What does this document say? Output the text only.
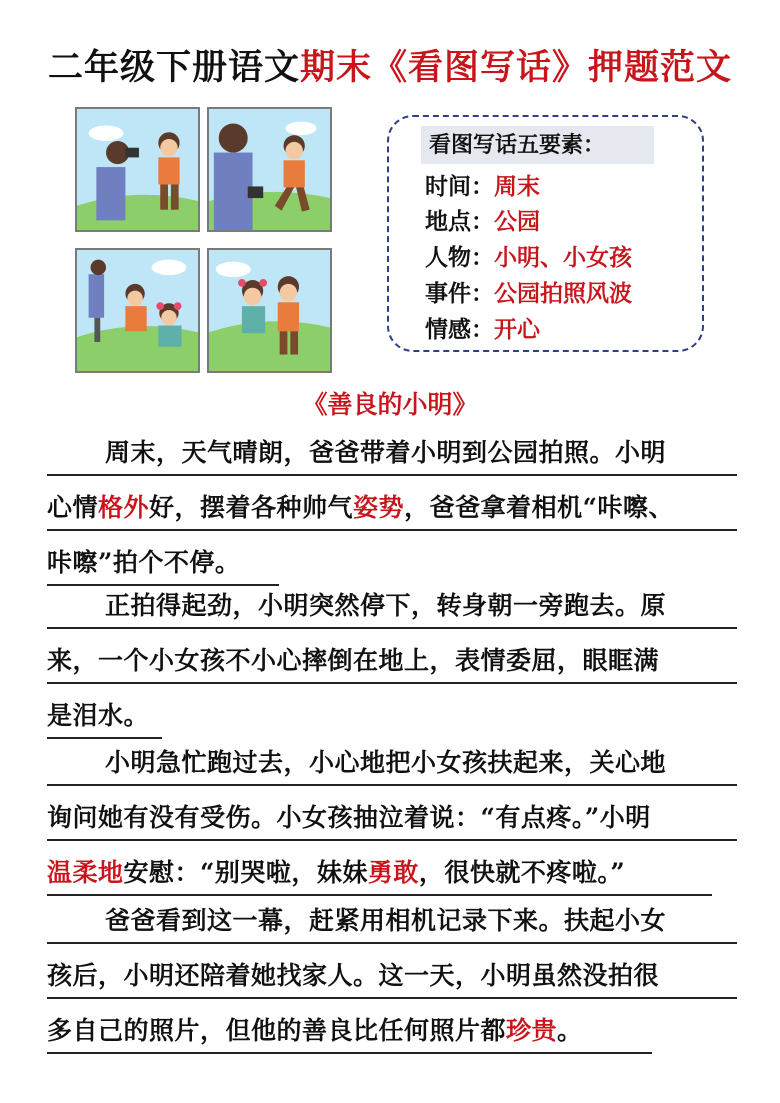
二年级下册语文期末《看图写话》押题范文
看图写话五要素：
时间：周末
地点：公园
人物：小明、小女孩
事件：公园拍照风波
情感：开心
《善良的小明》
周末，天气晴朗，爸爸带着小明到公园拍照。小明
心情格外好，摆着各种帅气姿势，爸爸拿着相机“咔嚓、
咔嚓”拍个不停。
正拍得起劲，小明突然停下，转身朝一旁跑去。原
来，一个小女孩不小心摔倒在地上，表情委屈，眼眶满
是泪水。
小明急忙跑过去，小心地把小女孩扶起来，关心地
询问她有没有受伤。小女孩抽泣着说：“有点疼。”小明
温柔地安慰：“别哭啦，妹妹勇敢，很快就不疼啦。”
爸爸看到这一幕，赶紧用相机记录下来。扶起小女
孩后，小明还陪着她找家人。这一天，小明虽然没拍很
多自己的照片，但他的善良比任何照片都珍贵。
